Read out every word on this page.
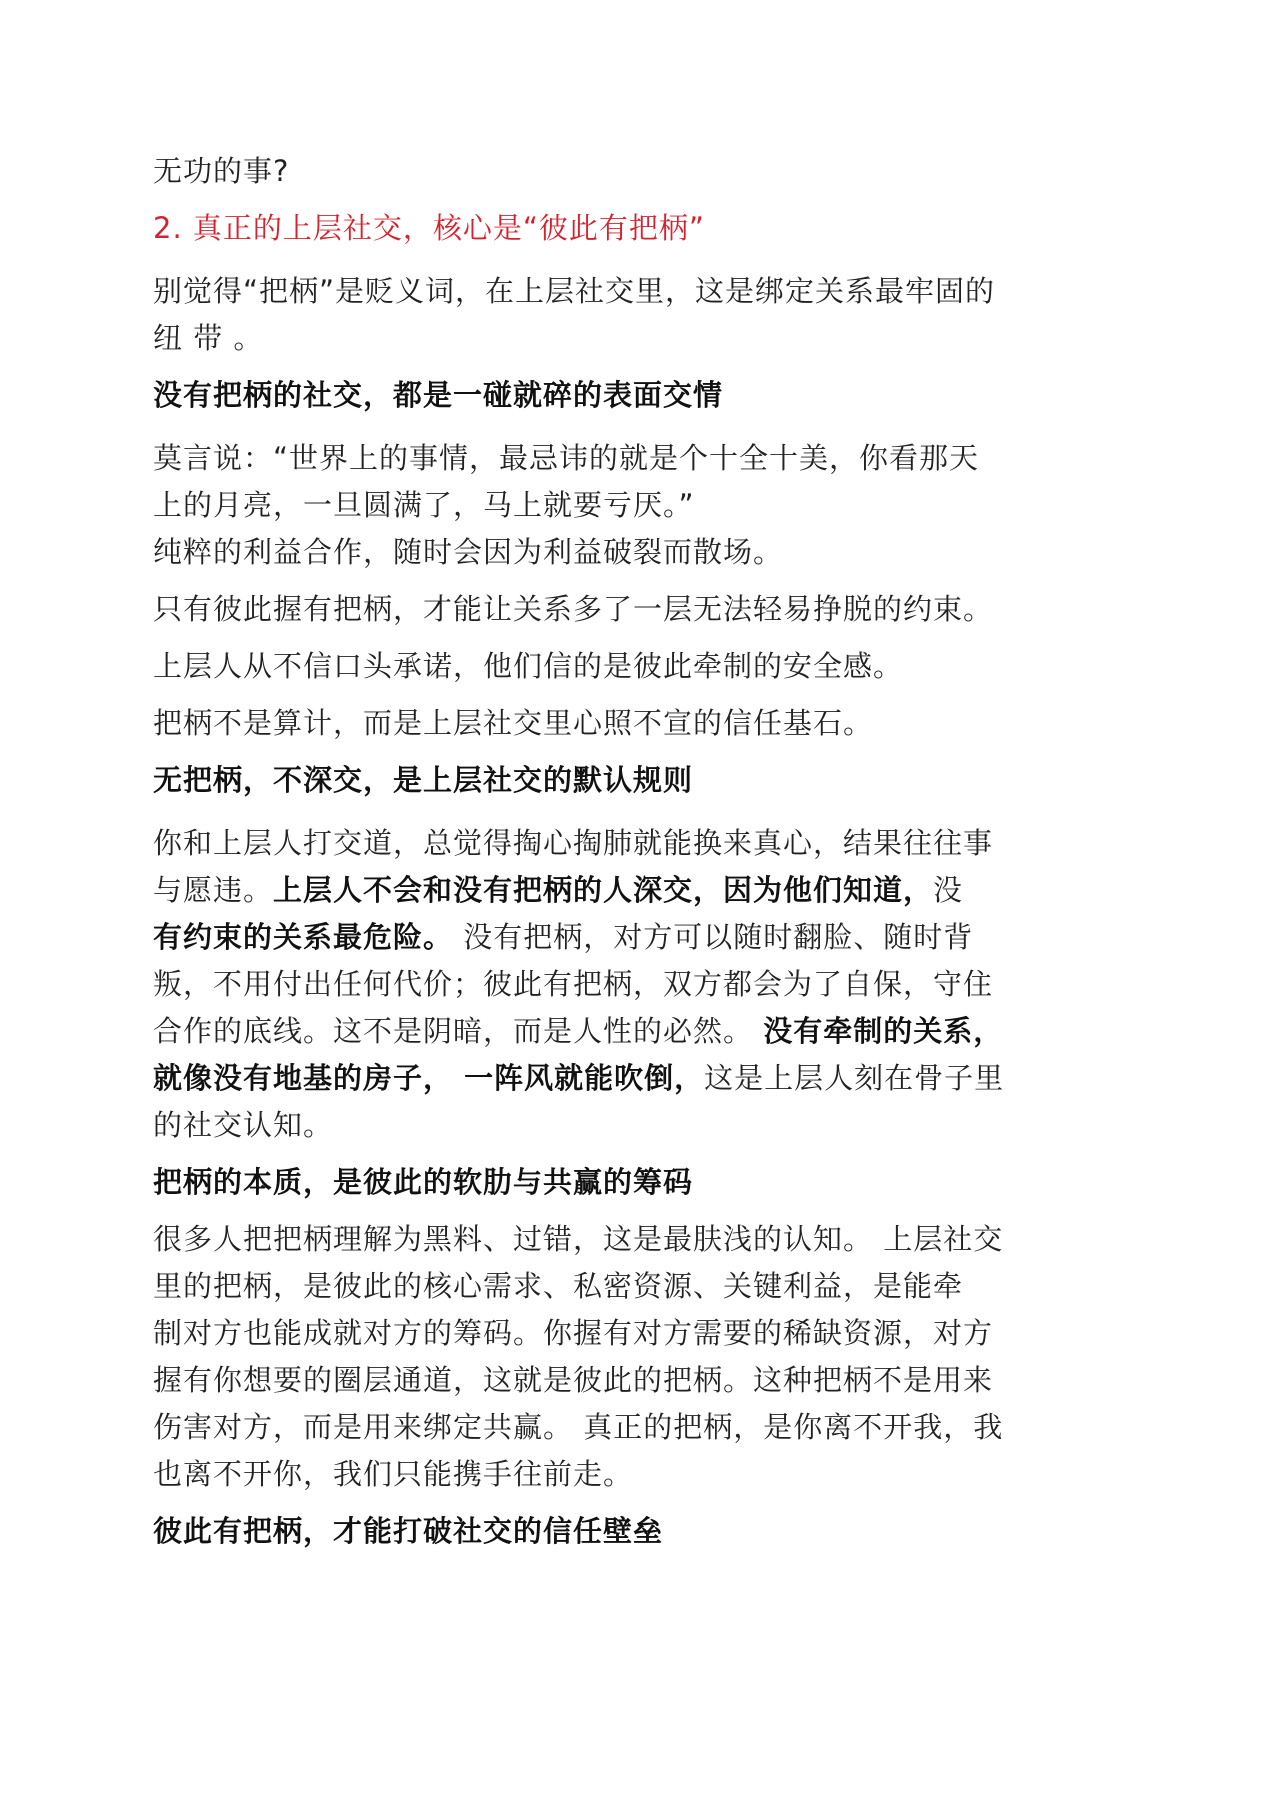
无功的事?

2. 真正的上层社交，核心是“彼此有把柄”

别觉得“把柄”是贬义词，在上层社交里，这是绑定关系最牢固的
纽 带 。

没有把柄的社交，都是一碰就碎的表面交情

莫言说：“世界上的事情，最忌讳的就是个十全十美，你看那天
上的月亮，一旦圆满了，马上就要亏厌。”

纯粹的利益合作，随时会因为利益破裂而散场。

只有彼此握有把柄，才能让关系多了一层无法轻易挣脱的约束。

上层人从不信口头承诺，他们信的是彼此牵制的安全感。

把柄不是算计，而是上层社交里心照不宣的信任基石。

无把柄，不深交，是上层社交的默认规则

你和上层人打交道，总觉得掏心掏肺就能换来真心，结果往往事
与愿违。上层人不会和没有把柄的人深交，因为他们知道，没
有约束的关系最危险。 没有把柄，对方可以随时翻脸、随时背
叛，不用付出任何代价；彼此有把柄，双方都会为了自保，守住
合作的底线。这不是阴暗，而是人性的必然。 没有牵制的关系，
就像没有地基的房子， 一阵风就能吹倒，这是上层人刻在骨子里
的社交认知。

把柄的本质，是彼此的软肋与共赢的筹码

很多人把把柄理解为黑料、过错，这是最肤浅的认知。 上层社交
里的把柄，是彼此的核心需求、私密资源、关键利益，是能牵
制对方也能成就对方的筹码。你握有对方需要的稀缺资源，对方
握有你想要的圈层通道，这就是彼此的把柄。这种把柄不是用来
伤害对方，而是用来绑定共赢。 真正的把柄，是你离不开我，我
也离不开你，我们只能携手往前走。

彼此有把柄，才能打破社交的信任壁垒
